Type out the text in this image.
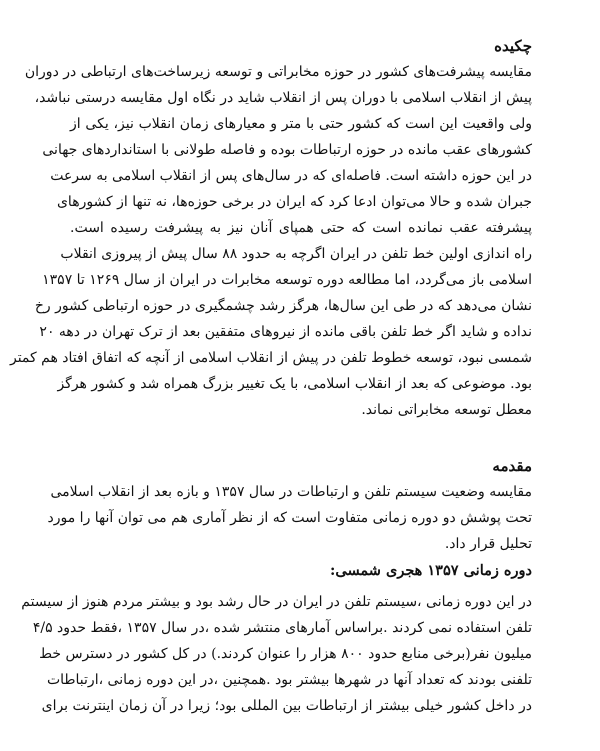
چکیده
مقایسه پیشرفت‌های کشور در حوزه مخابراتی و توسعه زیرساخت‌های ارتباطی در دوران
پیش از انقلاب اسلامی با دوران پس از انقلاب شاید در نگاه اول مقایسه درستی نباشد،
ولی واقعیت این است که کشور حتی با متر و معیارهای زمان انقلاب نیز، یکی از
کشورهای عقب مانده در حوزه ارتباطات بوده و فاصله طولانی با استانداردهای جهانی
در این حوزه داشته است. فاصله‌ای که در سال‌های پس از انقلاب اسلامی به سرعت
جبران شده و حالا می‌توان ادعا کرد که ایران در برخی حوزه‌ها، نه تنها از کشورهای
پیشرفته عقب نمانده است که حتی همپای آنان نیز به پیشرفت رسیده است.
راه اندازی اولین خط تلفن در ایران اگرچه به حدود ۸۸ سال پیش از پیروزی انقلاب
اسلامی باز می‌گردد، اما مطالعه دوره توسعه مخابرات در ایران از سال ۱۲۶۹ تا ۱۳۵۷
نشان می‌دهد که در طی این سال‌ها، هرگز رشد چشمگیری در حوزه ارتباطی کشور رخ
نداده و شاید اگر خط تلفن باقی مانده از نیروهای متفقین بعد از ترک تهران در دهه ۲۰
شمسی نبود، توسعه خطوط تلفن در پیش از انقلاب اسلامی از آنچه که اتفاق افتاد هم کمتر
بود. موضوعی که بعد از انقلاب اسلامی، با یک تغییر بزرگ همراه شد و کشور هرگز
معطل توسعه مخابراتی نماند.
مقدمه
مقایسه وضعیت سیستم تلفن و ارتباطات در سال ۱۳۵۷ و بازه بعد از انقلاب اسلامی
تحت پوشش دو دوره زمانی متفاوت است که از نظر آماری هم می توان آنها را مورد
تحلیل قرار داد.
دوره زمانی ۱۳۵۷ هجری شمسی:
در این دوره زمانی ،سیستم تلفن در ایران در حال رشد بود و بیشتر مردم هنوز از سیستم
تلفن استفاده نمی کردند .براساس آمارهای منتشر شده ،در سال ۱۳۵۷ ،فقط حدود ۴/۵
میلیون نفر(برخی منابع حدود ۸۰۰ هزار را عنوان کردند.) در کل کشور در دسترس خط
تلفنی بودند که تعداد آنها در شهرها بیشتر بود .همچنین ،در این دوره زمانی ،ارتباطات
در داخل کشور خیلی بیشتر از ارتباطات بین المللی بود؛ زیرا در آن زمان اینترنت برای
